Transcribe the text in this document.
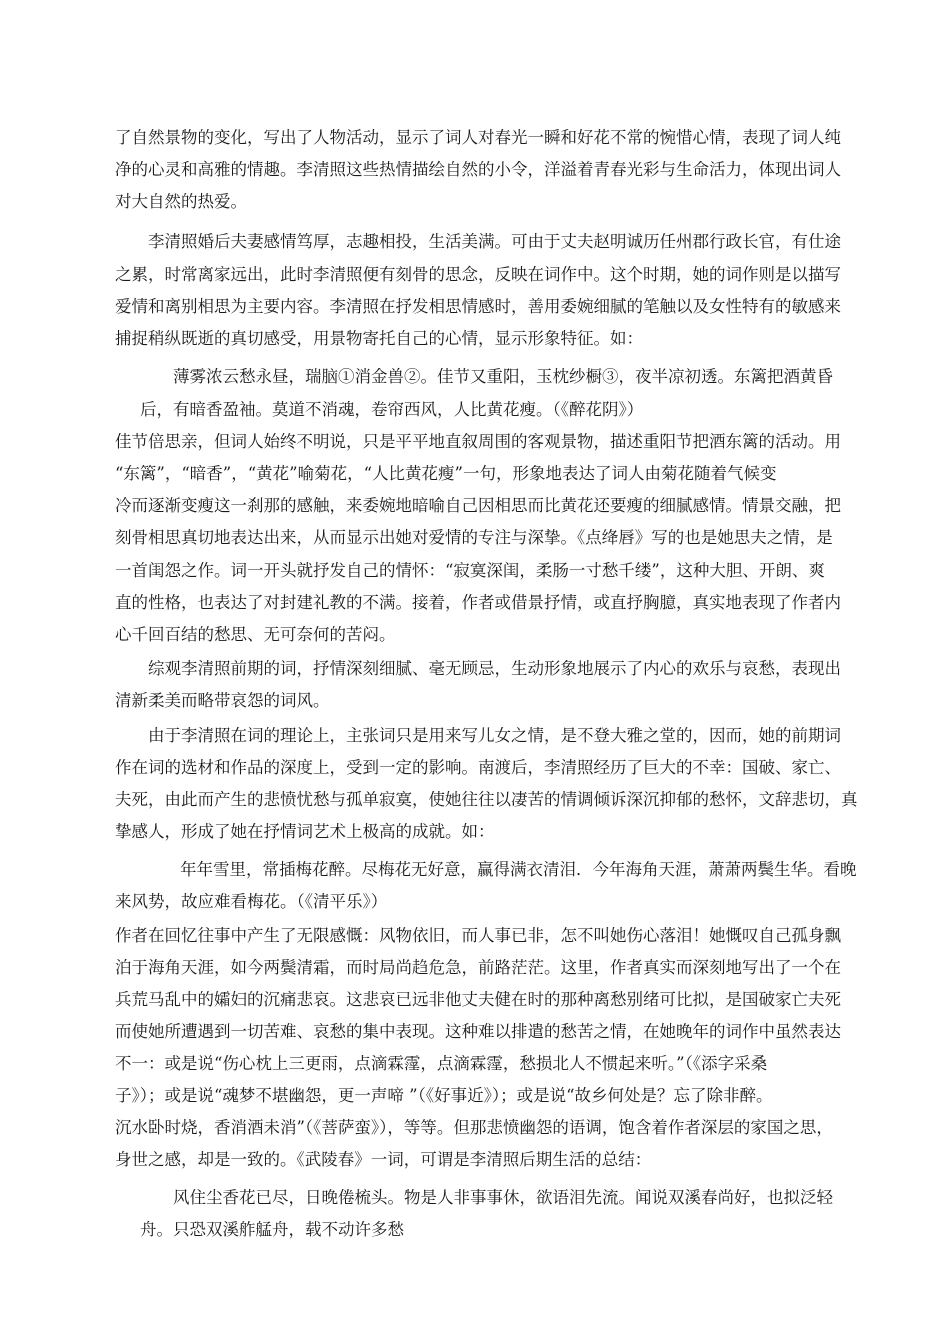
了自然景物的变化，写出了人物活动，显示了词人对春光一瞬和好花不常的惋惜心情，表现了词人纯
净的心灵和高雅的情趣。李清照这些热情描绘自然的小令，洋溢着青春光彩与生命活力，体现出词人
对大自然的热爱。
李清照婚后夫妻感情笃厚，志趣相投，生活美满。可由于丈夫赵明诚历任州郡行政长官，有仕途
之累，时常离家远出，此时李清照便有刻骨的思念，反映在词作中。这个时期，她的词作则是以描写
爱情和离别相思为主要内容。李清照在抒发相思情感时，善用委婉细腻的笔触以及女性特有的敏感来
捕捉稍纵既逝的真切感受，用景物寄托自己的心情，显示形象特征。如：
薄雾浓云愁永昼，瑞脑①消金兽②。佳节又重阳，玉枕纱橱③，夜半凉初透。东篱把酒黄昏
后，有暗香盈袖。莫道不消魂，卷帘西风，人比黄花瘦。（《醉花阴》）
佳节倍思亲，但词人始终不明说，只是平平地直叙周围的客观景物，描述重阳节把酒东篱的活动。用
“东篱”，“暗香”，“黄花”喻菊花，“人比黄花瘦”一句，形象地表达了词人由菊花随着气候变
冷而逐渐变瘦这一刹那的感触，来委婉地暗喻自己因相思而比黄花还要瘦的细腻感情。情景交融，把
刻骨相思真切地表达出来，从而显示出她对爱情的专注与深挚。《点绛唇》写的也是她思夫之情，是
一首闺怨之作。词一开头就抒发自己的情怀：“寂寞深闺，柔肠一寸愁千缕”，这种大胆、开朗、爽
直的性格，也表达了对封建礼教的不满。接着，作者或借景抒情，或直抒胸臆，真实地表现了作者内
心千回百结的愁思、无可奈何的苦闷。
综观李清照前期的词，抒情深刻细腻、毫无顾忌，生动形象地展示了内心的欢乐与哀愁，表现出
清新柔美而略带哀怨的词风。
由于李清照在词的理论上，主张词只是用来写儿女之情，是不登大雅之堂的，因而，她的前期词
作在词的选材和作品的深度上，受到一定的影响。南渡后，李清照经历了巨大的不幸：国破、家亡、
夫死，由此而产生的悲愤忧愁与孤单寂寞，使她往往以凄苦的情调倾诉深沉抑郁的愁怀，文辞悲切，真
挚感人，形成了她在抒情词艺术上极高的成就。如：
年年雪里，常插梅花醉。尽梅花无好意，赢得满衣清泪．今年海角天涯，萧萧两鬓生华。看晚
来风势，故应难看梅花。（《清平乐》）
作者在回忆往事中产生了无限感慨：风物依旧，而人事已非，怎不叫她伤心落泪！她慨叹自己孤身飘
泊于海角天涯，如今两鬓清霜，而时局尚趋危急，前路茫茫。这里，作者真实而深刻地写出了一个在
兵荒马乱中的孀妇的沉痛悲哀。这悲哀已远非他丈夫健在时的那种离愁别绪可比拟，是国破家亡夫死
而使她所遭遇到一切苦难、哀愁的集中表现。这种难以排遣的愁苦之情，在她晚年的词作中虽然表达
不一：或是说“伤心枕上三更雨，点滴霖霪，点滴霖霪，愁损北人不惯起来听。”（《添字采桑
子》）；或是说“魂梦不堪幽怨，更一声啼 ”（《好事近》）；或是说“故乡何处是？忘了除非醉。
沉水卧时烧，香消酒未消”（《菩萨蛮》），等等。但那悲愤幽怨的语调，饱含着作者深层的家国之思，
身世之感，却是一致的。《武陵春》一词，可谓是李清照后期生活的总结：
风住尘香花已尽，日晚倦梳头。物是人非事事休，欲语泪先流。闻说双溪春尚好，也拟泛轻
舟。只恐双溪舴艋舟，载不动许多愁
